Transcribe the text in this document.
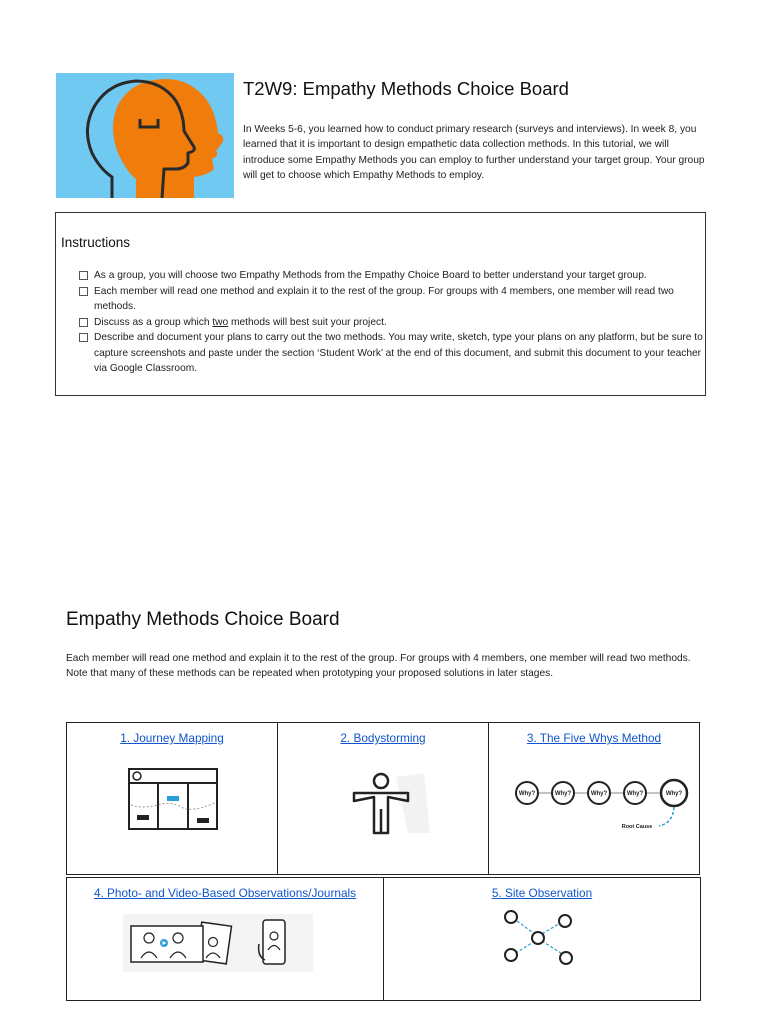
T2W9: Empathy Methods Choice Board
In Weeks 5-6, you learned how to conduct primary research (surveys and interviews). In week 8, you learned that it is important to design empathetic data collection methods. In this tutorial, we will introduce some Empathy Methods you can employ to further understand your target group. Your group will get to choose which Empathy Methods to employ.
Instructions
As a group, you will choose two Empathy Methods from the Empathy Choice Board to better understand your target group.
Each member will read one method and explain it to the rest of the group. For groups with 4 members, one member will read two methods.
Discuss as a group which two methods will best suit your project.
Describe and document your plans to carry out the two methods. You may write, sketch, type your plans on any platform, but be sure to capture screenshots and paste under the section ‘Student Work’ at the end of this document, and submit this document to your teacher via Google Classroom.
Empathy Methods Choice Board
Each member will read one method and explain it to the rest of the group. For groups with 4 members, one member will read two methods.
Note that many of these methods can be repeated when prototyping your proposed solutions in later stages.
1. Journey Mapping	2. Bodystorming	3. The Five Whys Method
Why?	Why?	Why?	Why?	Why?
Root Cause
4. Photo- and Video-Based Observations/Journals	5. Site Observation
